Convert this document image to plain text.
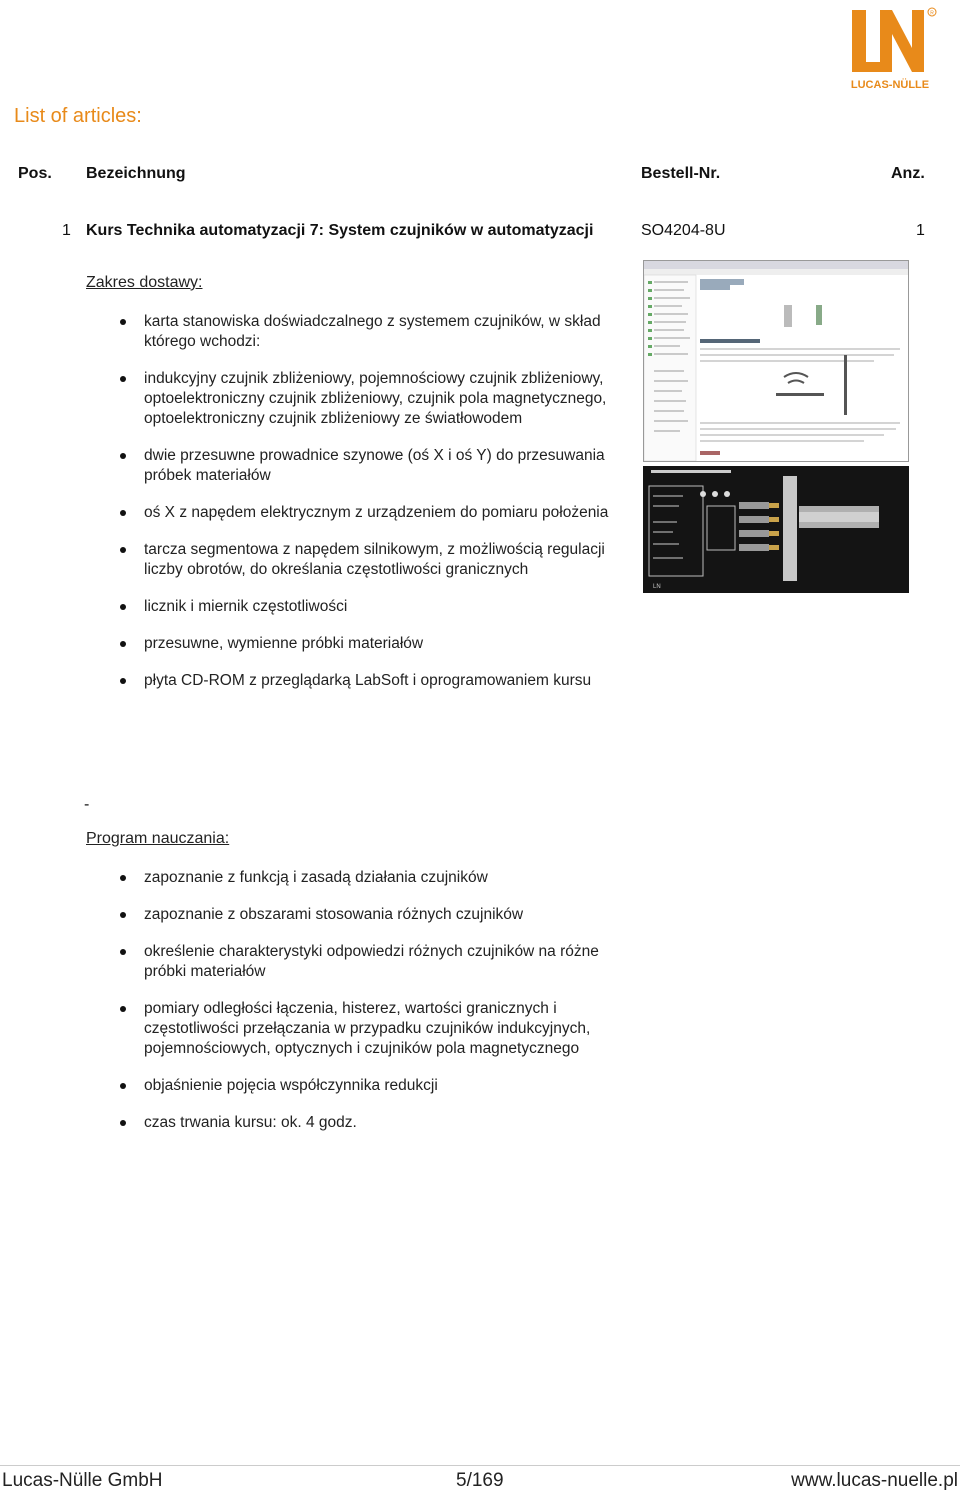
R
LUCAS-NÜLLE
List of articles:
Pos. Bezeichnung	Bestell-Nr.	Anz.
1 Kurs Technika automatyzacji 7: System czujników w automatyzacji	SO4204-8U	1
Zakres dostawy:
karta stanowiska doświadczalnego z systemem czujników, w skład którego wchodzi:
indukcyjny czujnik zbliżeniowy, pojemnościowy czujnik zbliżeniowy, optoelektroniczny czujnik zbliżeniowy, czujnik pola magnetycznego, optoelektroniczny czujnik zbliżeniowy ze światłowodem
dwie przesuwne prowadnice szynowe (oś X i oś Y) do przesuwania próbek materiałów
oś X z napędem elektrycznym z urządzeniem do pomiaru położenia
tarcza segmentowa z napędem silnikowym, z możliwością regulacji liczby obrotów, do określania częstotliwości granicznych
licznik i miernik częstotliwości
przesuwne, wymienne próbki materiałów
płyta CD-ROM z przeglądarką LabSoft i oprogramowaniem kursu
-
Program nauczania:
zapoznanie z funkcją i zasadą działania czujników
zapoznanie z obszarami stosowania różnych czujników
określenie charakterystyki odpowiedzi różnych czujników na różne próbki materiałów
pomiary odległości łączenia, histerez, wartości granicznych i częstotliwości przełączania w przypadku czujników indukcyjnych, pojemnościowych, optycznych i czujników pola magnetycznego
objaśnienie pojęcia współczynnika redukcji
czas trwania kursu: ok. 4 godz.
LN
Lucas-Nülle GmbH	5/169	www.lucas-nuelle.pl
